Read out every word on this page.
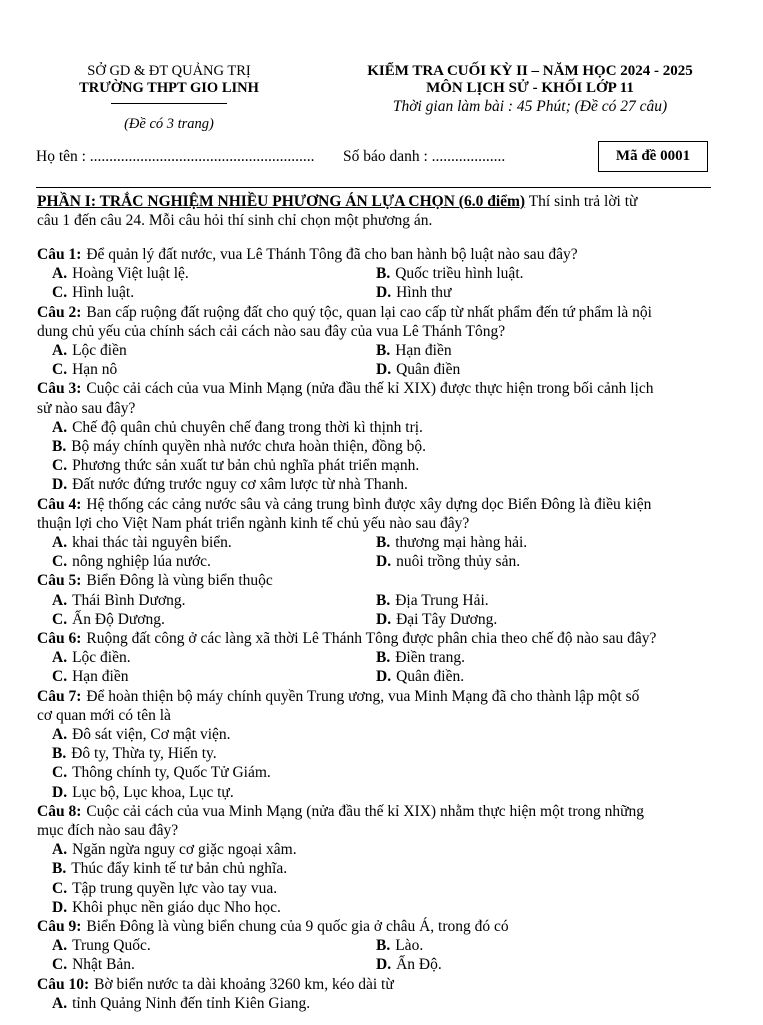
SỞ GD & ĐT QUẢNG TRỊ
TRƯỜNG THPT GIO LINH
(Đề có 3 trang)
KIỂM TRA CUỐI KỲ II – NĂM HỌC 2024 - 2025
MÔN LỊCH SỬ - KHỐI LỚP 11
Thời gian làm bài : 45 Phút; (Đề có 27 câu)
Họ tên : .......................................................... Số báo danh : ...................	Mã đề 0001
PHẦN I: TRẮC NGHIỆM NHIỀU PHƯƠNG ÁN LỰA CHỌN (6.0 điểm) Thí sinh trả lời từ
câu 1 đến câu 24. Mỗi câu hỏi thí sinh chỉ chọn một phương án.
Câu 1: Để quản lý đất nước, vua Lê Thánh Tông đã cho ban hành bộ luật nào sau đây?
A. Hoàng Việt luật lệ.	B. Quốc triều hình luật.
C. Hình luật.	D. Hình thư
Câu 2: Ban cấp ruộng đất ruộng đất cho quý tộc, quan lại cao cấp từ nhất phẩm đến tứ phẩm là nội
dung chủ yếu của chính sách cải cách nào sau đây của vua Lê Thánh Tông?
A. Lộc điền	B. Hạn điền
C. Hạn nô	D. Quân điền
Câu 3: Cuộc cải cách của vua Minh Mạng (nửa đầu thế kỉ XIX) được thực hiện trong bối cảnh lịch
sử nào sau đây?
A. Chế độ quân chủ chuyên chế đang trong thời kì thịnh trị.
B. Bộ máy chính quyền nhà nước chưa hoàn thiện, đồng bộ.
C. Phương thức sản xuất tư bản chủ nghĩa phát triển mạnh.
D. Đất nước đứng trước nguy cơ xâm lược từ nhà Thanh.
Câu 4: Hệ thống các cảng nước sâu và cảng trung bình được xây dựng dọc Biển Đông là điều kiện
thuận lợi cho Việt Nam phát triển ngành kinh tế chủ yếu nào sau đây?
A. khai thác tài nguyên biển.	B. thương mại hàng hải.
C. nông nghiệp lúa nước.	D. nuôi trồng thủy sản.
Câu 5: Biển Đông là vùng biển thuộc
A. Thái Bình Dương.	B. Địa Trung Hải.
C. Ấn Độ Dương.	D. Đại Tây Dương.
Câu 6: Ruộng đất công ở các làng xã thời Lê Thánh Tông được phân chia theo chế độ nào sau đây?
A. Lộc điền.	B. Điền trang.
C. Hạn điền	D. Quân điền.
Câu 7: Để hoàn thiện bộ máy chính quyền Trung ương, vua Minh Mạng đã cho thành lập một số
cơ quan mới có tên là
A. Đô sát viện, Cơ mật viện.
B. Đô ty, Thừa ty, Hiến ty.
C. Thông chính ty, Quốc Tử Giám.
D. Lục bộ, Lục khoa, Lục tự.
Câu 8: Cuộc cải cách của vua Minh Mạng (nửa đầu thế kỉ XIX) nhằm thực hiện một trong những
mục đích nào sau đây?
A. Ngăn ngừa nguy cơ giặc ngoại xâm.
B. Thúc đẩy kinh tế tư bản chủ nghĩa.
C. Tập trung quyền lực vào tay vua.
D. Khôi phục nền giáo dục Nho học.
Câu 9: Biển Đông là vùng biển chung của 9 quốc gia ở châu Á, trong đó có
A. Trung Quốc.	B. Lào.
C. Nhật Bản.	D. Ấn Độ.
Câu 10: Bờ biển nước ta dài khoảng 3260 km, kéo dài từ
A. tỉnh Quảng Ninh đến tỉnh Kiên Giang.
